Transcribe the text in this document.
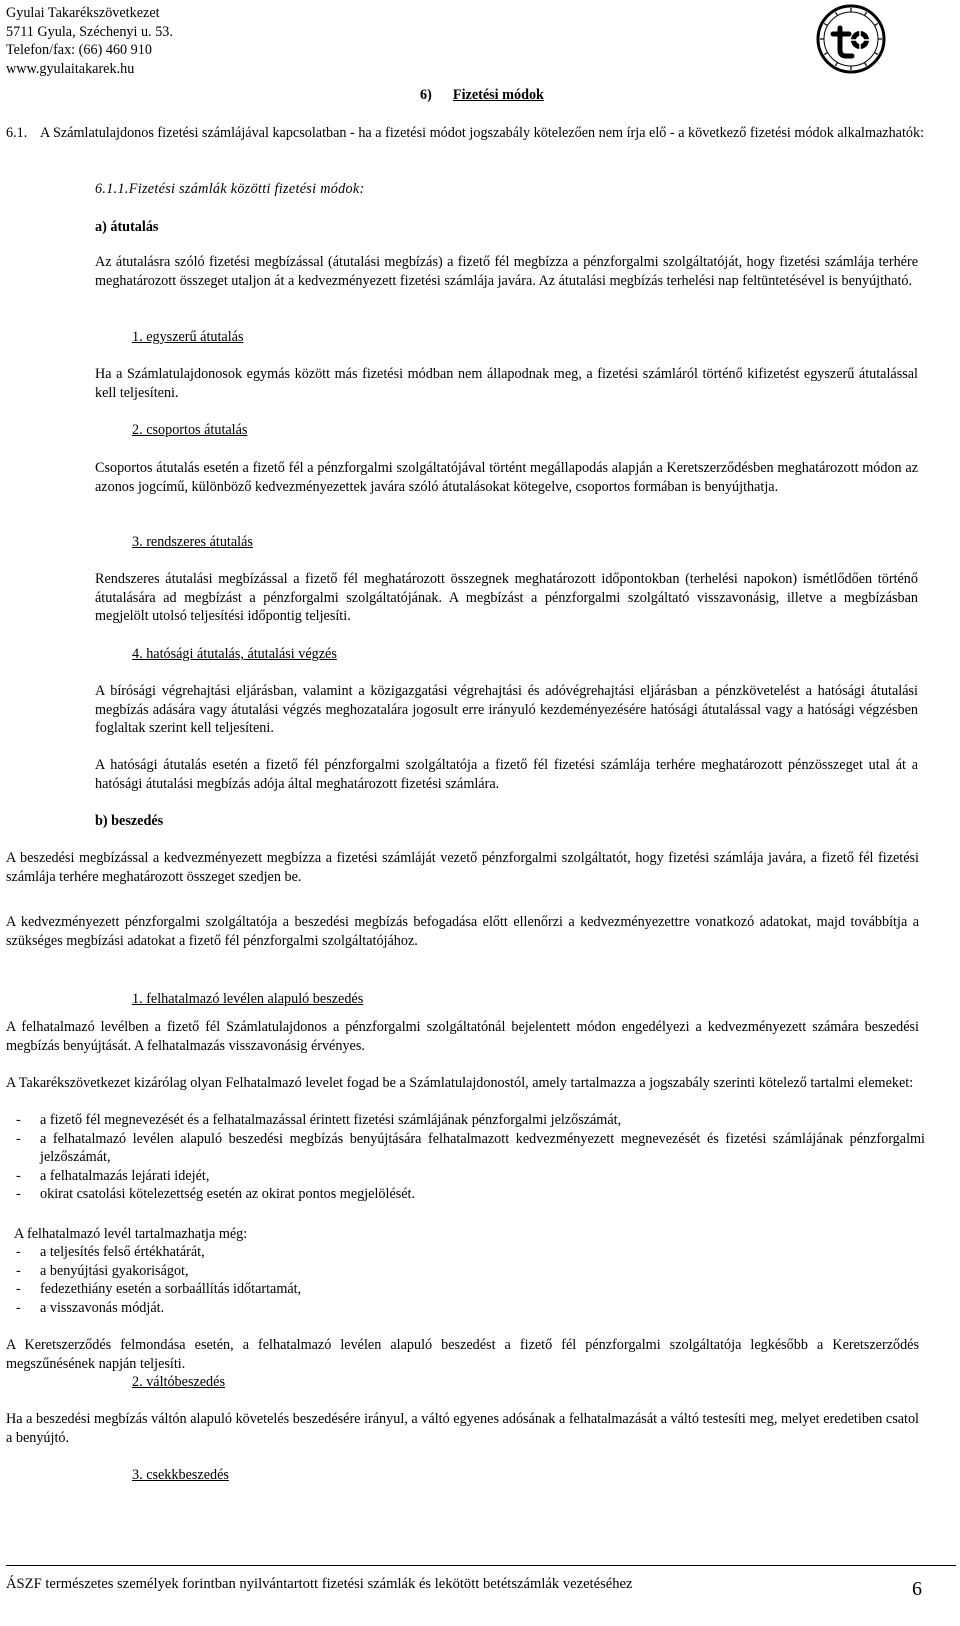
Gyulai Takarékszövetkezet
5711 Gyula, Széchenyi u. 53.
Telefon/fax: (66) 460 910
www.gyulaitakarek.hu
6) Fizetési módok
6.1. A Számlatulajdonos fizetési számlájával kapcsolatban - ha a fizetési módot jogszabály kötelezően nem írja elő - a következő fizetési módok alkalmazhatók:
6.1.1.Fizetési számlák közötti fizetési módok:
a) átutalás
Az átutalásra szóló fizetési megbízással (átutalási megbízás) a fizető fél megbízza a pénzforgalmi szolgáltatóját, hogy fizetési számlája terhére meghatározott összeget utaljon át a kedvezményezett fizetési számlája javára. Az átutalási megbízás terhelési nap feltüntetésével is benyújtható.
1. egyszerű átutalás
Ha a Számlatulajdonosok egymás között más fizetési módban nem állapodnak meg, a fizetési számláról történő kifizetést egyszerű átutalással kell teljesíteni.
2. csoportos átutalás
Csoportos átutalás esetén a fizető fél a pénzforgalmi szolgáltatójával történt megállapodás alapján a Keretszerződésben meghatározott módon az azonos jogcímű, különböző kedvezményezettek javára szóló átutalásokat kötegelve, csoportos formában is benyújthatja.
3. rendszeres átutalás
Rendszeres átutalási megbízással a fizető fél meghatározott összegnek meghatározott időpontokban (terhelési napokon) ismétlődően történő átutalására ad megbízást a pénzforgalmi szolgáltatójának. A megbízást a pénzforgalmi szolgáltató visszavonásig, illetve a megbízásban megjelölt utolsó teljesítési időpontig teljesíti.
4. hatósági átutalás, átutalási végzés
A bírósági végrehajtási eljárásban, valamint a közigazgatási végrehajtási és adóvégrehajtási eljárásban a pénzkövetelést a hatósági átutalási megbízás adására vagy átutalási végzés meghozatalára jogosult erre irányuló kezdeményezésére hatósági átutalással vagy a hatósági végzésben foglaltak szerint kell teljesíteni.
A hatósági átutalás esetén a fizető fél pénzforgalmi szolgáltatója a fizető fél fizetési számlája terhére meghatározott pénzösszeget utal át a hatósági átutalási megbízás adója által meghatározott fizetési számlára.
b) beszedés
A beszedési megbízással a kedvezményezett megbízza a fizetési számláját vezető pénzforgalmi szolgáltatót, hogy fizetési számlája javára, a fizető fél fizetési számlája terhére meghatározott összeget szedjen be.
A kedvezményezett pénzforgalmi szolgáltatója a beszedési megbízás befogadása előtt ellenőrzi a kedvezményezettre vonatkozó adatokat, majd továbbítja a szükséges megbízási adatokat a fizető fél pénzforgalmi szolgáltatójához.
1. felhatalmazó levélen alapuló beszedés
A felhatalmazó levélben a fizető fél Számlatulajdonos a pénzforgalmi szolgáltatónál bejelentett módon engedélyezi a kedvezményezett számára beszedési megbízás benyújtását. A felhatalmazás visszavonásig érvényes.
A Takarékszövetkezet kizárólag olyan Felhatalmazó levelet fogad be a Számlatulajdonostól, amely tartalmazza a jogszabály szerinti kötelező tartalmi elemeket:
- a fizető fél megnevezését és a felhatalmazással érintett fizetési számlájának pénzforgalmi jelzőszámát,
- a felhatalmazó levélen alapuló beszedési megbízás benyújtására felhatalmazott kedvezményezett megnevezését és fizetési számlájának pénzforgalmi jelzőszámát,
- a felhatalmazás lejárati idejét,
- okirat csatolási kötelezettség esetén az okirat pontos megjelölését.
A felhatalmazó levél tartalmazhatja még:
- a teljesítés felső értékhatárát,
- a benyújtási gyakoriságot,
- fedezethiány esetén a sorbaállítás időtartamát,
- a visszavonás módját.
A Keretszerződés felmondása esetén, a felhatalmazó levélen alapuló beszedést a fizető fél pénzforgalmi szolgáltatója legkésőbb a Keretszerződés megszűnésének napján teljesíti.
2. váltóbeszedés
Ha a beszedési megbízás váltón alapuló követelés beszedésére irányul, a váltó egyenes adósának a felhatalmazását a váltó testesíti meg, melyet eredetiben csatol a benyújtó.
3. csekkbeszedés
ÁSZF természetes személyek forintban nyilvántartott fizetési számlák és lekötött betétszámlák vezetéséhez	6
